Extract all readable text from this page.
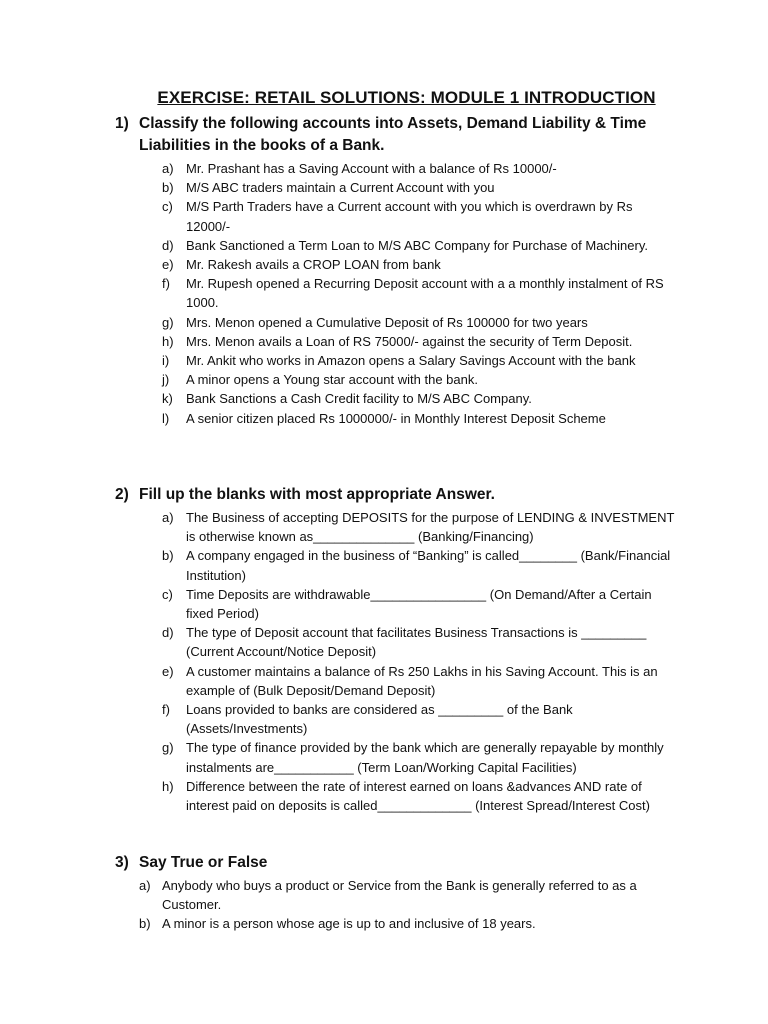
EXERCISE: RETAIL SOLUTIONS: MODULE 1 INTRODUCTION
1) Classify the following accounts into Assets, Demand Liability & Time Liabilities in the books of a Bank.
a) Mr. Prashant has a Saving Account with a balance of Rs 10000/-
b) M/S ABC traders maintain a Current Account with you
c) M/S Parth Traders have a Current account with you which is overdrawn by Rs 12000/-
d) Bank Sanctioned a Term Loan to M/S ABC Company for Purchase of Machinery.
e) Mr. Rakesh avails a CROP LOAN from bank
f) Mr. Rupesh opened a Recurring Deposit account with a a monthly instalment of RS 1000.
g) Mrs. Menon opened a Cumulative Deposit of Rs 100000 for two years
h) Mrs. Menon avails a Loan of RS 75000/- against the security of Term Deposit.
i) Mr. Ankit who works in Amazon opens a Salary Savings Account with the bank
j) A minor opens a Young star account with the bank.
k) Bank Sanctions a Cash Credit facility to M/S ABC Company.
l) A senior citizen placed Rs 1000000/- in Monthly Interest Deposit Scheme
2) Fill up the blanks with most appropriate Answer.
a) The Business of accepting DEPOSITS for the purpose of LENDING & INVESTMENT is otherwise known as______________ (Banking/Financing)
b) A company engaged in the business of “Banking” is called________ (Bank/Financial Institution)
c) Time Deposits are withdrawable________________ (On Demand/After a Certain fixed Period)
d) The type of Deposit account that facilitates Business Transactions is _________ (Current Account/Notice Deposit)
e) A customer maintains a balance of Rs 250 Lakhs in his Saving Account. This is an example of (Bulk Deposit/Demand Deposit)
f) Loans provided to banks are considered as _________ of the Bank (Assets/Investments)
g) The type of finance provided by the bank which are generally repayable by monthly instalments are___________ (Term Loan/Working Capital Facilities)
h) Difference between the rate of interest earned on loans &advances AND rate of interest paid on deposits is called_____________ (Interest Spread/Interest Cost)
3) Say True or False
a) Anybody who buys a product or Service from the Bank is generally referred to as a Customer.
b) A minor is a person whose age is up to and inclusive of 18 years.
